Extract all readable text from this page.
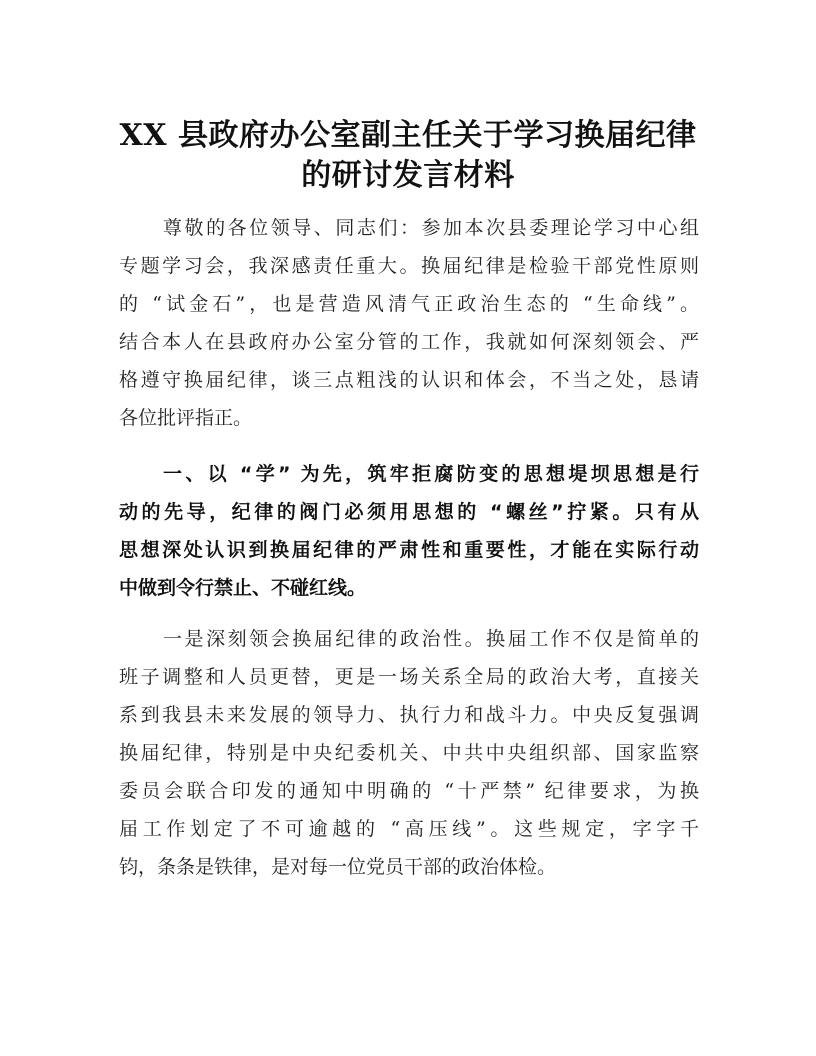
XX 县政府办公室副主任关于学习换届纪律
的研讨发言材料
尊敬的各位领导、同志们：参加本次县委理论学习中心组
专题学习会，我深感责任重大。换届纪律是检验干部党性原则
的 “试金石”，也是营造风清气正政治生态的 “生命线”。
结合本人在县政府办公室分管的工作，我就如何深刻领会、严
格遵守换届纪律，谈三点粗浅的认识和体会，不当之处，恳请
各位批评指正。
一、以 “学” 为先，筑牢拒腐防变的思想堤坝思想是行
动的先导，纪律的阀门必须用思想的 “螺丝”拧紧。只有从
思想深处认识到换届纪律的严肃性和重要性，才能在实际行动
中做到令行禁止、不碰红线。
一是深刻领会换届纪律的政治性。换届工作不仅是简单的
班子调整和人员更替，更是一场关系全局的政治大考，直接关
系到我县未来发展的领导力、执行力和战斗力。中央反复强调
换届纪律，特别是中央纪委机关、中共中央组织部、国家监察
委员会联合印发的通知中明确的 “十严禁” 纪律要求，为换
届工作划定了不可逾越的 “高压线”。这些规定，字字千
钧，条条是铁律，是对每一位党员干部的政治体检。
